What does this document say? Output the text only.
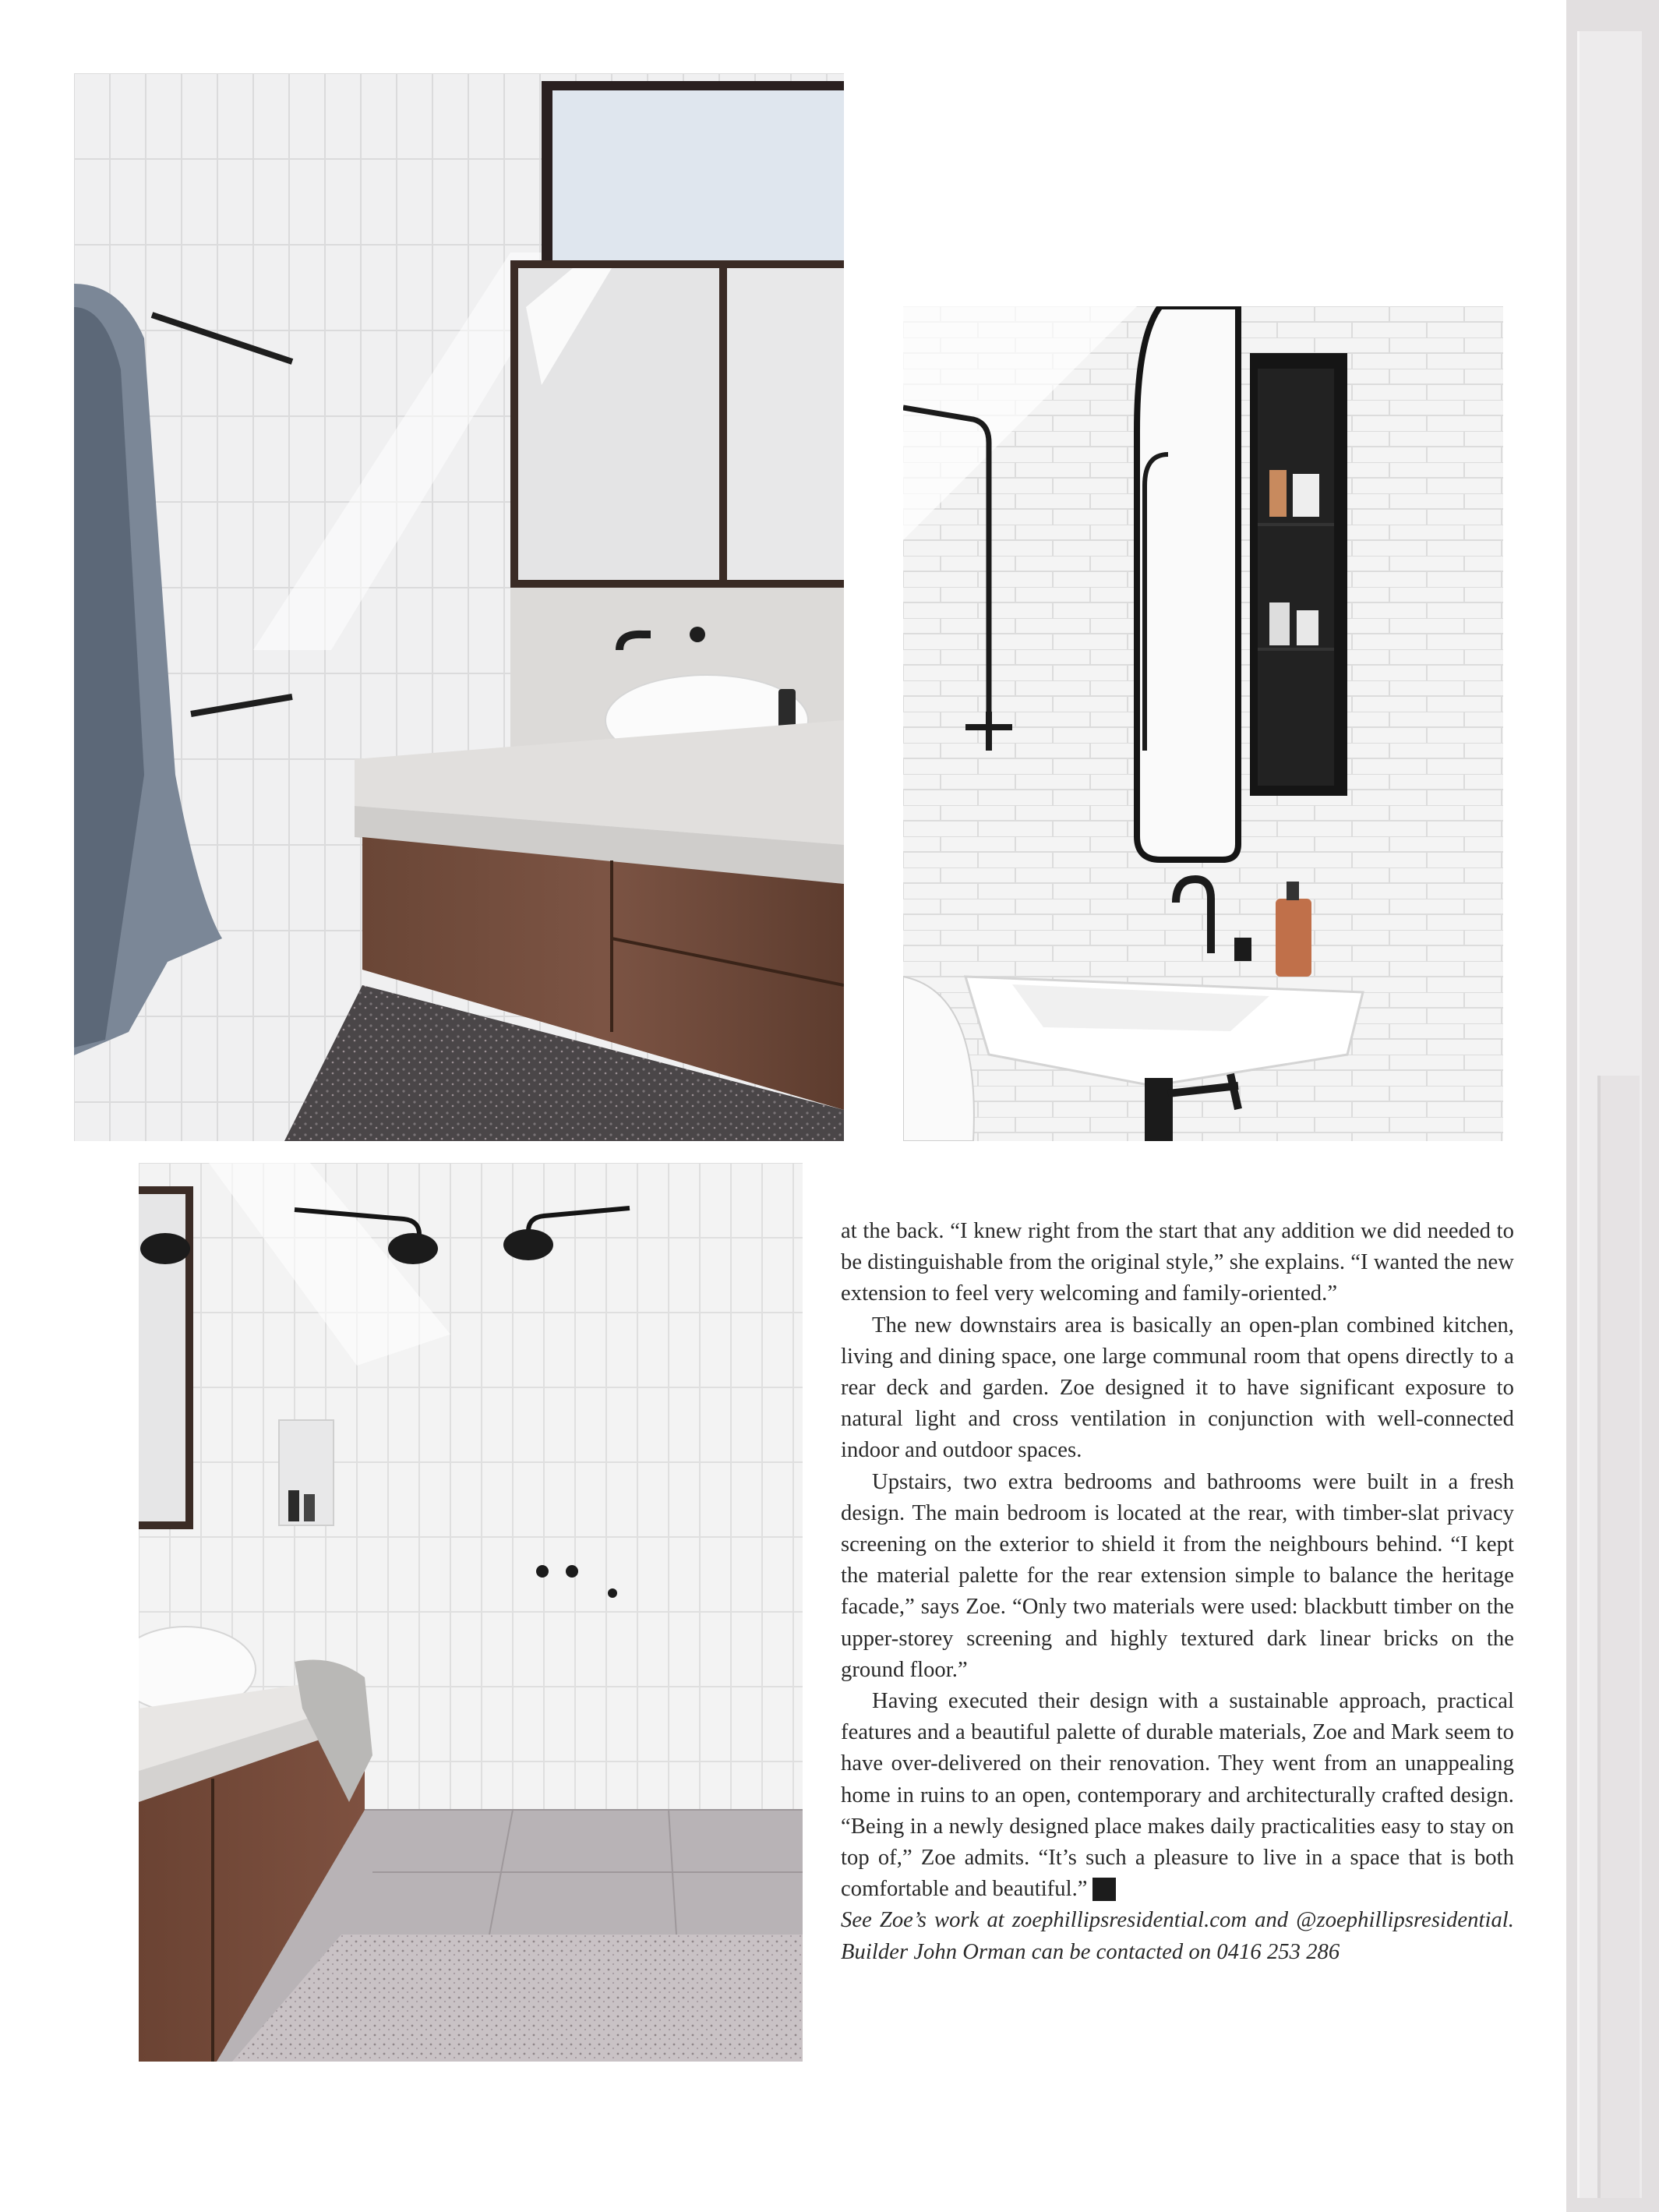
at the back. “I knew right from the start that any addition we did needed to be distinguishable from the original style,” she explains. “I wanted the new extension to feel very welcoming and family-oriented.”

The new downstairs area is basically an open-plan combined kitchen, living and dining space, one large communal room that opens directly to a rear deck and garden. Zoe designed it to have significant exposure to natural light and cross ventilation in conjunction with well-connected indoor and outdoor spaces.

Upstairs, two extra bedrooms and bathrooms were built in a fresh design. The main bedroom is located at the rear, with timber-slat privacy screening on the exterior to shield it from the neighbours behind. “I kept the material palette for the rear extension simple to balance the heritage facade,” says Zoe. “Only two materials were used: blackbutt timber on the upper-storey screening and highly textured dark linear bricks on the ground floor.”

Having executed their design with a sustainable approach, practical features and a beautiful palette of durable materials, Zoe and Mark seem to have over-delivered on their renovation. They went from an unappealing home in ruins to an open, contemporary and architecturally crafted design. “Being in a newly designed place makes daily practicalities easy to stay on top of,” Zoe admits. “It’s such a pleasure to live in a space that is both comfortable and beautiful.” 10

See Zoe’s work at zoephillipsresidential.com and @zoephillipsresidential. Builder John Orman can be contacted on 0416 253 286
